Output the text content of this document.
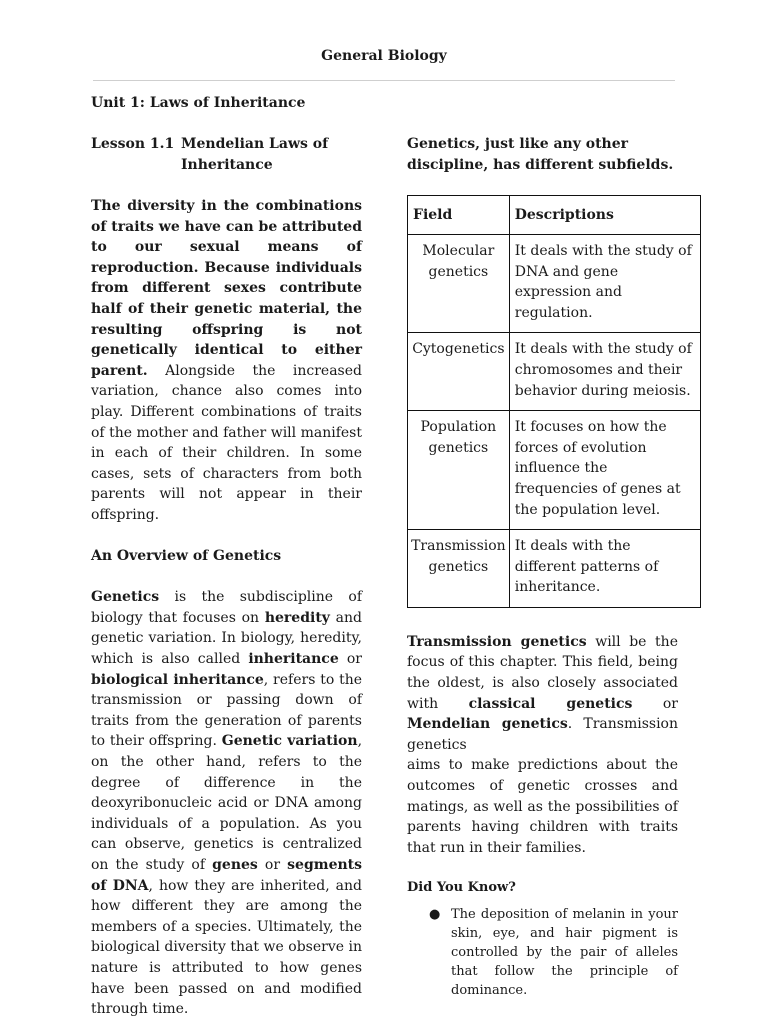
General Biology

Unit 1: Laws of Inheritance

Lesson 1.1 Mendelian Laws of Inheritance

The diversity in the combinations of traits we have can be attributed to our sexual means of reproduction. Because individuals from different sexes contribute half of their genetic material, the resulting offspring is not genetically identical to either parent. Alongside the increased variation, chance also comes into play. Different combinations of traits of the mother and father will manifest in each of their children. In some cases, sets of characters from both parents will not appear in their offspring.

An Overview of Genetics

Genetics is the subdiscipline of biology that focuses on heredity and genetic variation. In biology, heredity, which is also called inheritance or biological inheritance, refers to the transmission or passing down of traits from the generation of parents to their offspring. Genetic variation, on the other hand, refers to the degree of difference in the deoxyribonucleic acid or DNA among individuals of a population. As you can observe, genetics is centralized on the study of genes or segments of DNA, how they are inherited, and how different they are among the members of a species. Ultimately, the biological diversity that we observe in nature is attributed to how genes have been passed on and modified through time.

Genetics, just like any other discipline, has different subfields.

Field	Descriptions
Molecular genetics	It deals with the study of DNA and gene expression and regulation.
Cytogenetics	It deals with the study of chromosomes and their behavior during meiosis.
Population genetics	It focuses on how the forces of evolution influence the frequencies of genes at the population level.
Transmission genetics	It deals with the different patterns of inheritance.

Transmission genetics will be the focus of this chapter. This field, being the oldest, is also closely associated with classical genetics or Mendelian genetics. Transmission genetics
aims to make predictions about the outcomes of genetic crosses and matings, as well as the possibilities of parents having children with traits that run in their families.

Did You Know?

● The deposition of melanin in your skin, eye, and hair pigment is controlled by the pair of alleles that follow the principle of dominance.
